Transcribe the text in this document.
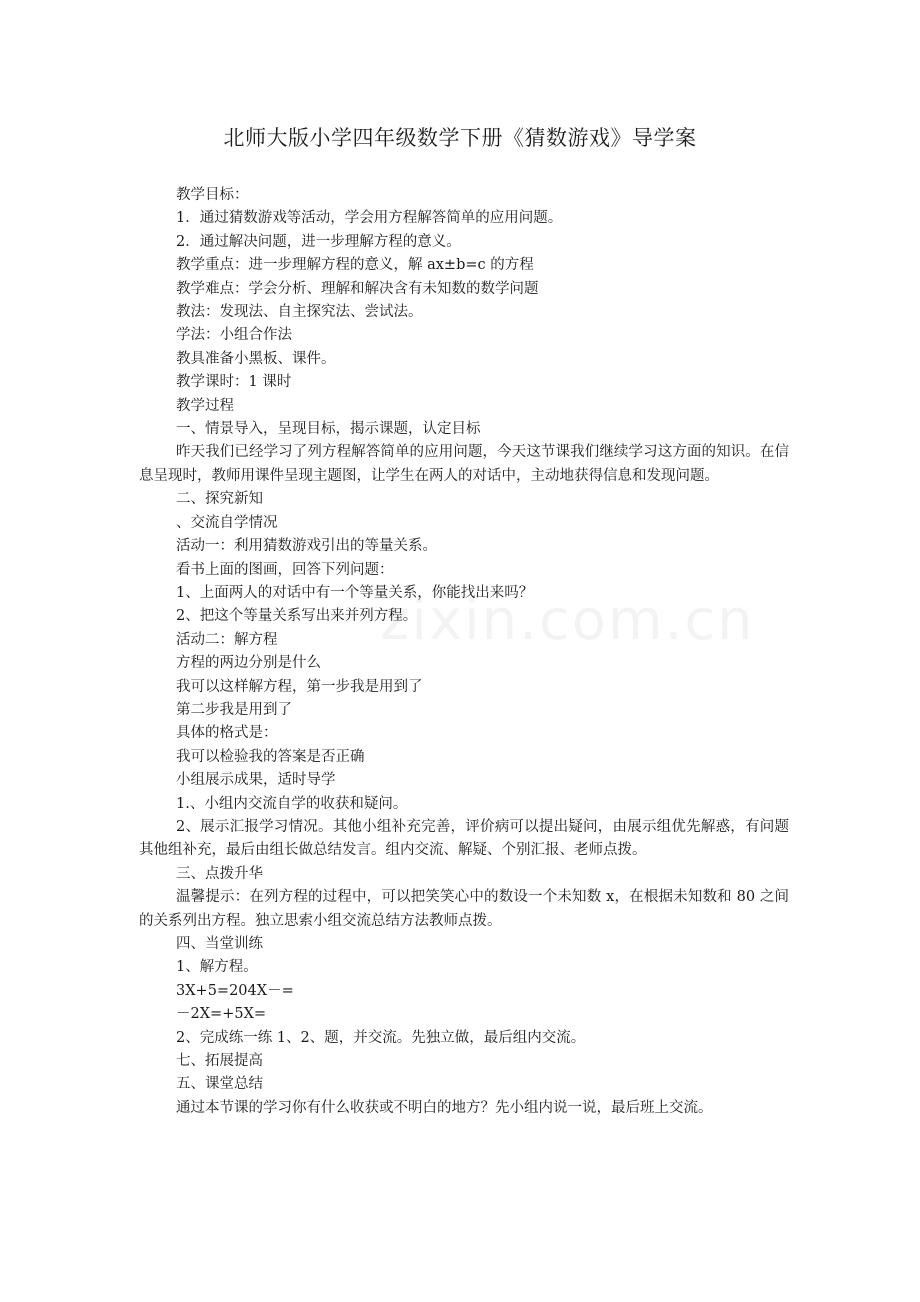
北师大版小学四年级数学下册《猜数游戏》导学案

教学目标：

1．通过猜数游戏等活动，学会用方程解答简单的应用问题。

2．通过解决问题，进一步理解方程的意义。

教学重点：进一步理解方程的意义，解 ax±b=c 的方程

教学难点：学会分析、理解和解决含有未知数的数学问题

教法：发现法、自主探究法、尝试法。

学法：小组合作法

教具准备小黑板、课件。

教学课时：1 课时

教学过程

一、情景导入，呈现目标，揭示课题，认定目标

昨天我们已经学习了列方程解答简单的应用问题，今天这节课我们继续学习这方面的知识。在信息呈现时，教师用课件呈现主题图，让学生在两人的对话中，主动地获得信息和发现问题。

二、探究新知

、交流自学情况

活动一：利用猜数游戏引出的等量关系。

看书上面的图画，回答下列问题：

1、上面两人的对话中有一个等量关系，你能找出来吗？

2、把这个等量关系写出来并列方程。

活动二：解方程

方程的两边分别是什么

我可以这样解方程，第一步我是用到了

第二步我是用到了

具体的格式是：

我可以检验我的答案是否正确

小组展示成果，适时导学

1.、小组内交流自学的收获和疑问。

2、展示汇报学习情况。其他小组补充完善，评价病可以提出疑问，由展示组优先解惑，有问题其他组补充，最后由组长做总结发言。组内交流、解疑、个别汇报、老师点拨。

三、点拨升华

温馨提示：在列方程的过程中，可以把笑笑心中的数设一个未知数 x，在根据未知数和 80 之间的关系列出方程。独立思索小组交流总结方法教师点拨。

四、当堂训练

1、解方程。

3X+5=204X－=

－2X=+5X=

2、完成练一练 1、2、题，并交流。先独立做，最后组内交流。

七、拓展提高

五、课堂总结

通过本节课的学习你有什么收获或不明白的地方？先小组内说一说，最后班上交流。
